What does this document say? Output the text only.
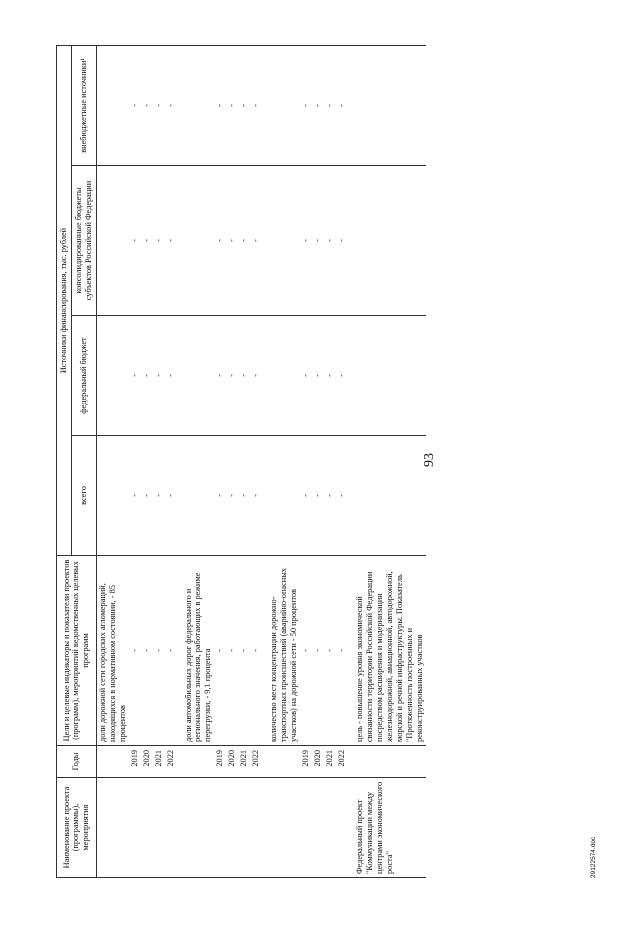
93
Наименование проекта (программы), мероприятия	Годы	Цели и целевые индикаторы и показатели проектов (программ), мероприятий ведомственных целевых программ	Источники финансирования, тыс. рублей			
			всего	федеральный бюджет	консолидированные бюджеты субъектов Российской Федерации	внебюджетные источники¹
		доли дорожной сети городских агломераций, находящихся в нормативном состоянии, - 85 процентов				
	2019	-	-	-	-	-
	2020	-	-	-	-	-
	2021	-	-	-	-	-
	2022	-	-	-	-	-

		доли автомобильных дорог федерального и регионального значения, работающих в режиме перегрузки, - 9,1 процента				
	2019	-	-	-	-	-
	2020	-	-	-	-	-
	2021	-	-	-	-	-
	2022	-	-	-	-	-

		количество мест концентрации дорожно-транспортных происшествий (аварийно-опасных участков) на дорожной сети - 50 процентов				
	2019	-	-	-	-	-
	2020	-	-	-	-	-
	2021	-	-	-	-	-
	2022	-	-	-	-	-

Федеральный проект "Коммуникации между центрами экономического роста"		цель - повышение уровня экономической связанности территории Российской Федерации посредством расширения и модернизации железнодорожной, авиационной, автодорожной, морской и речной инфраструктуры. Показатель "Протяженность построенных и реконструированных участков				
29122574.doc
